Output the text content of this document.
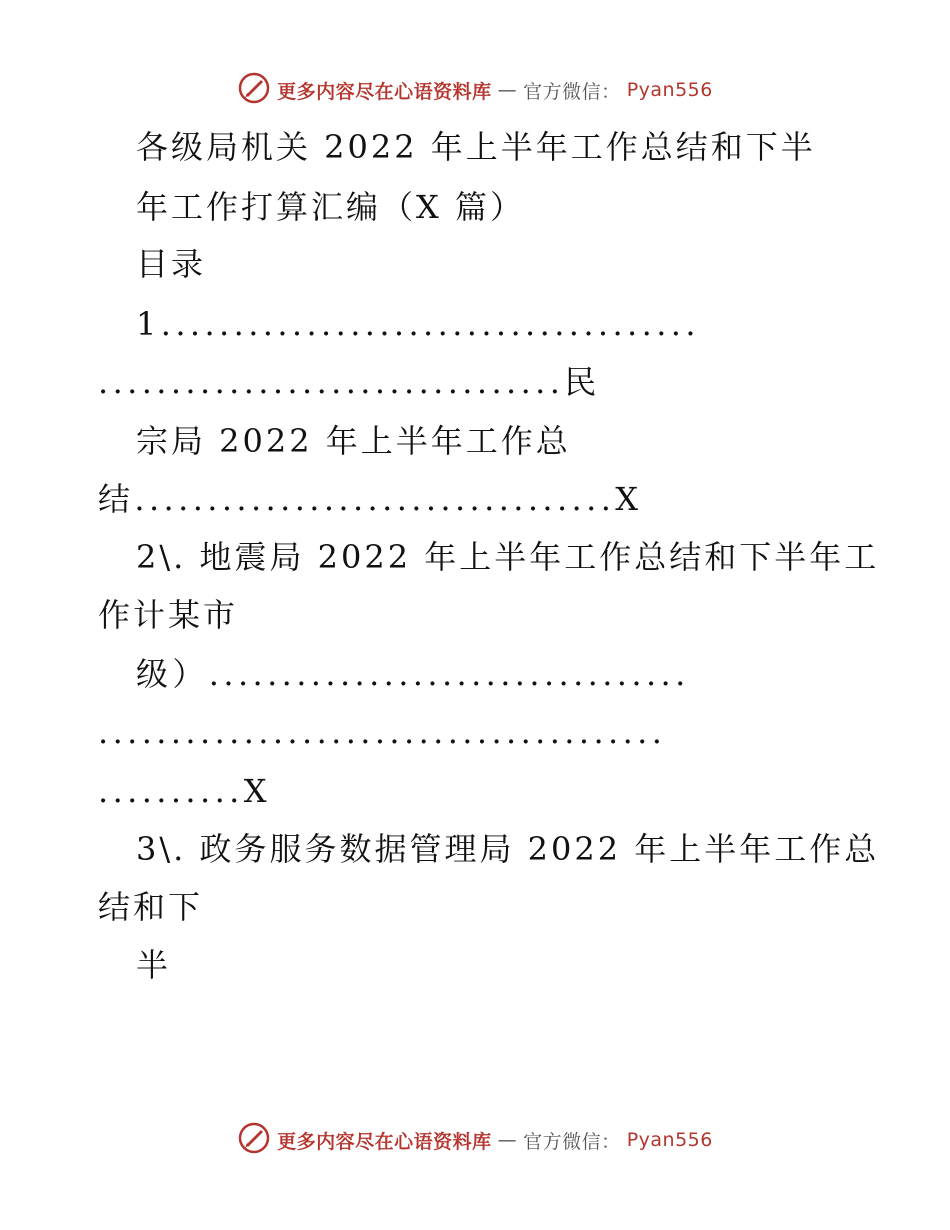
更多内容尽在心语资料库 — 官方微信： Pyan556
各级局机关 2022 年上半年工作总结和下半
年工作打算汇编（X 篇）
目录
1.....................................
................................民
宗局 2022 年上半年工作总
结.................................X
2\. 地震局 2022 年上半年工作总结和下半年工
作计某市
级）.................................
.......................................
..........X
3\. 政务服务数据管理局 2022 年上半年工作总
结和下
半
更多内容尽在心语资料库 — 官方微信： Pyan556
